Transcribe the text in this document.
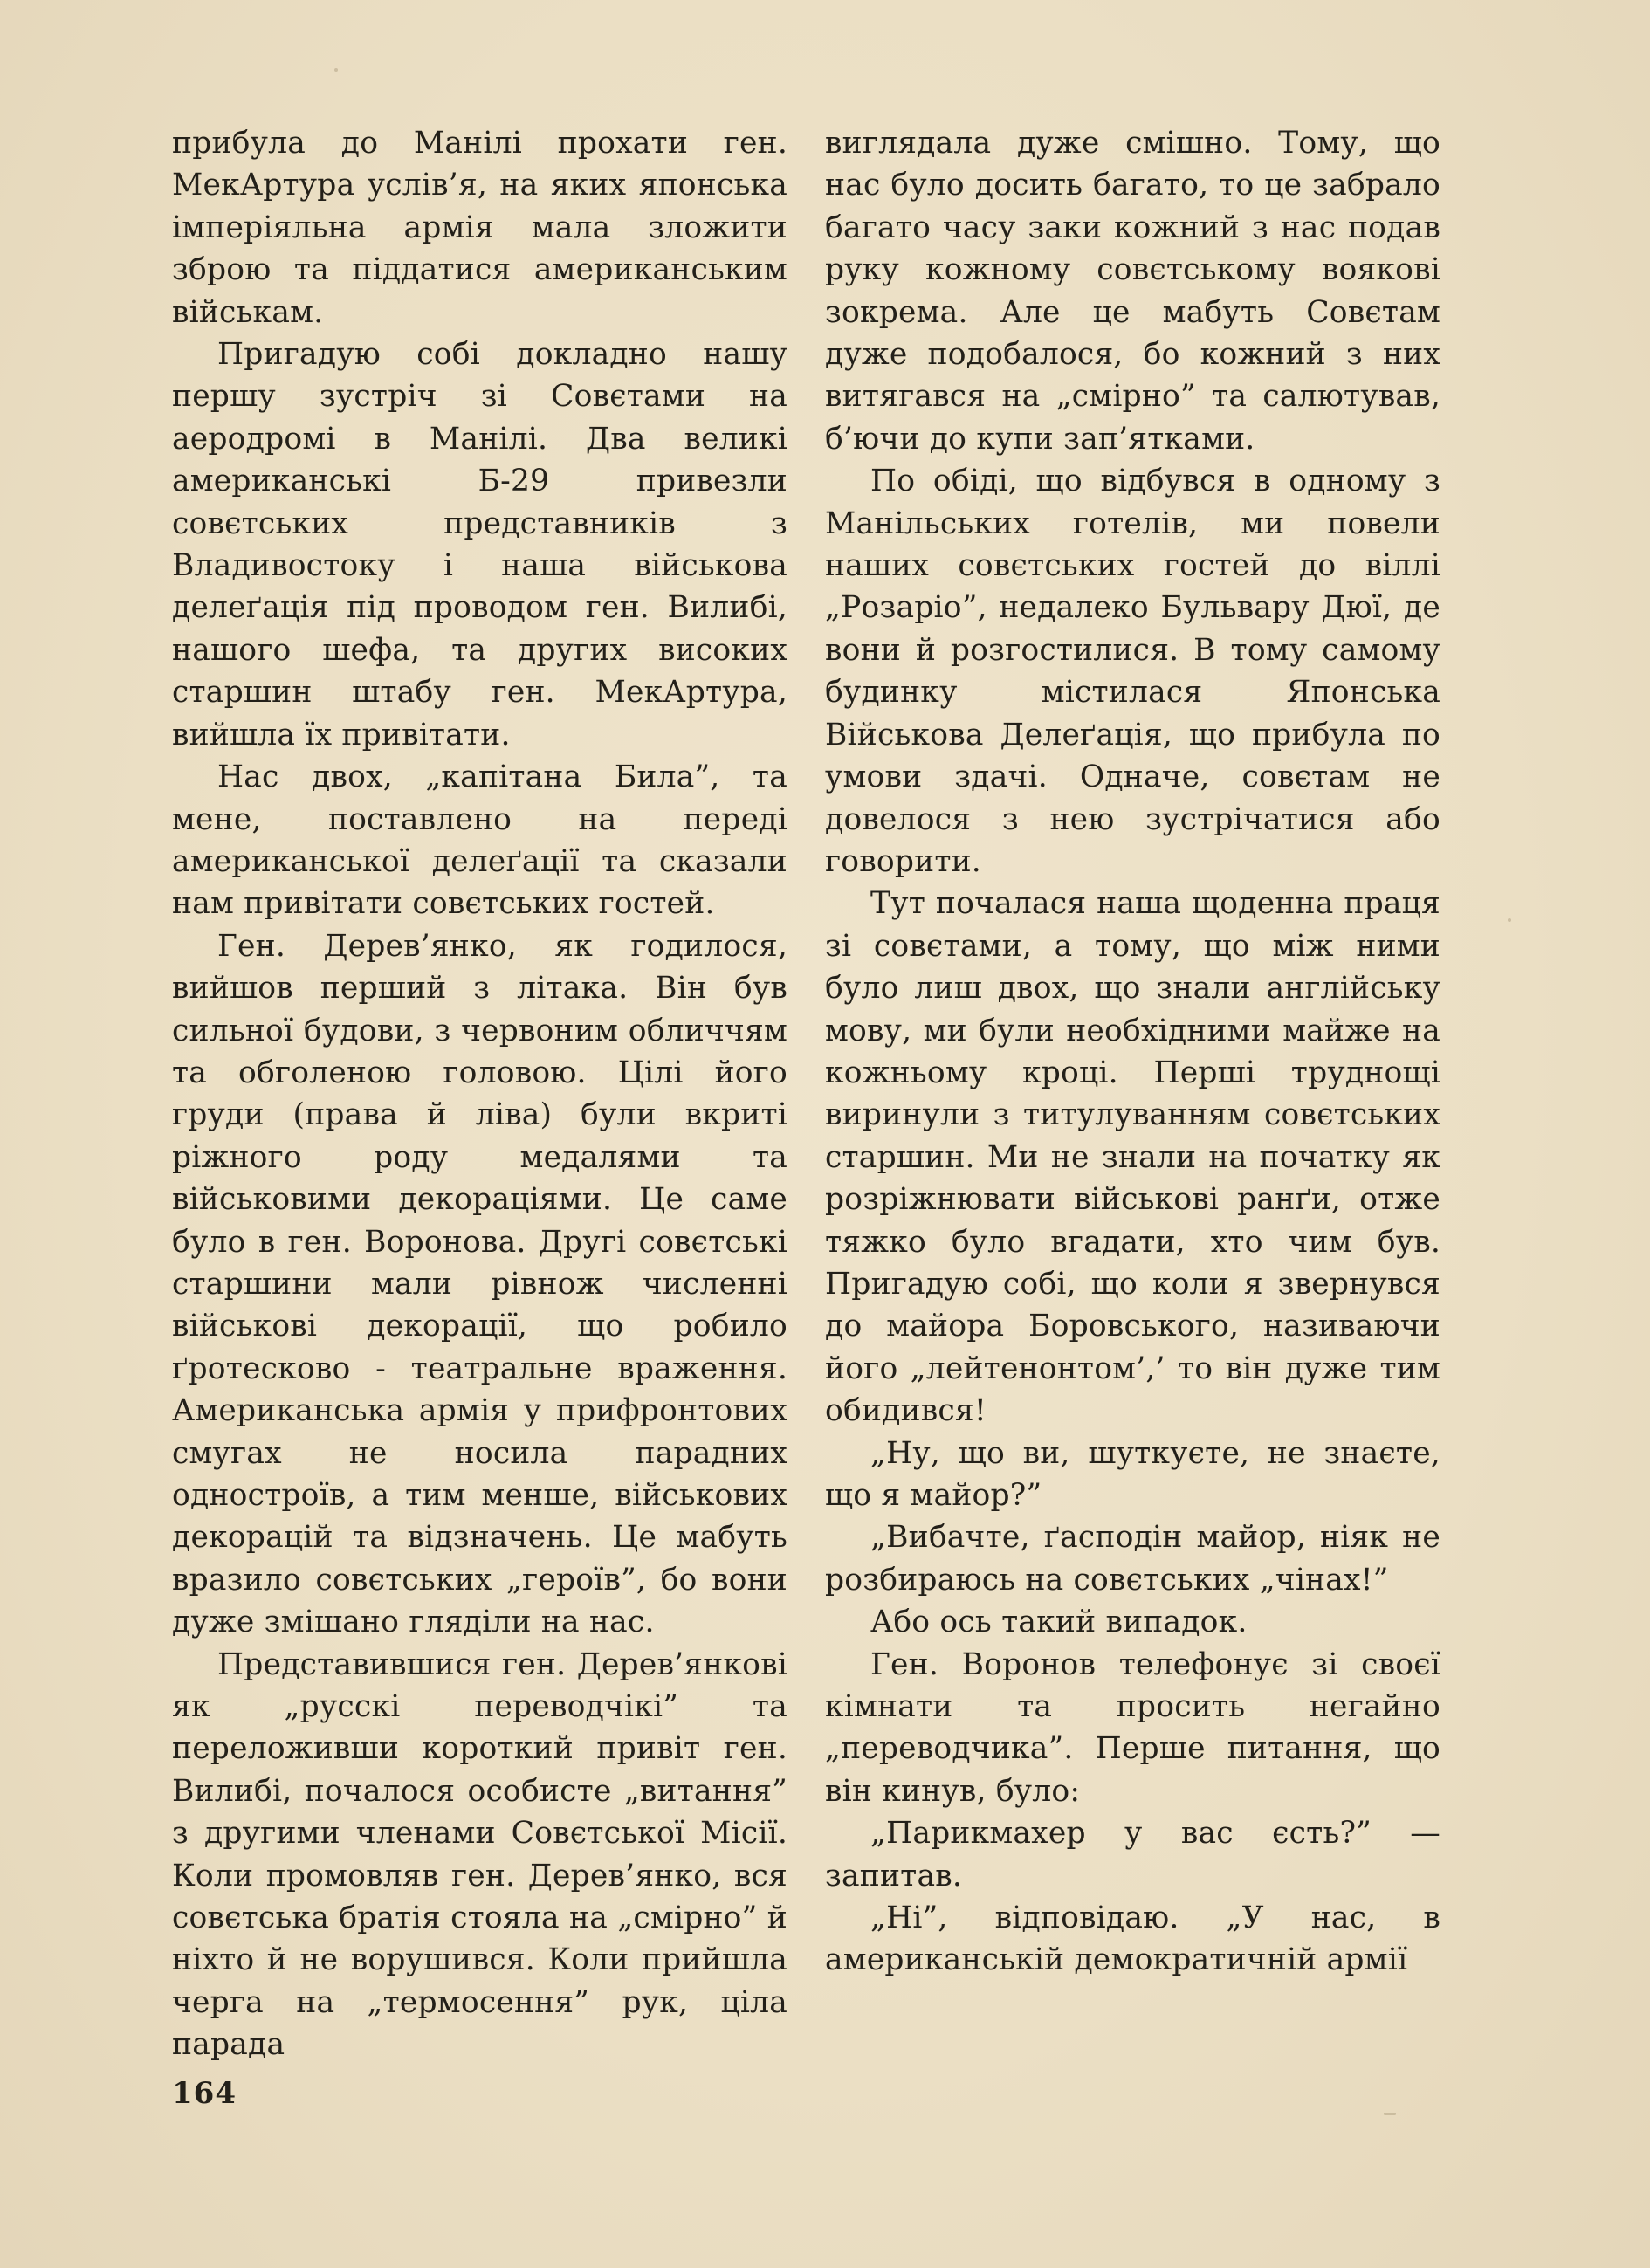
прибула до Манілі прохати ген. МекАртура услів’я, на яких японська імперіяльна армія мала зложити зброю та піддатися американським військам.

Пригадую собі докладно нашу першу зустріч зі Совєтами на аеродромі в Манілі. Два великі американські Б-29 привезли совєтських представників з Владивостоку і наша військова делеґація під проводом ген. Вилибі, нашого шефа, та других високих старшин штабу ген. МекАртура, вийшла їх привітати.

Нас двох, „капітана Била”, та мене, поставлено на переді американської делеґації та сказали нам привітати совєтських гостей.

Ген. Дерев’янко, як годилося, вийшов перший з літака. Він був сильної будови, з червоним обличчям та обголеною головою. Цілі його груди (права й ліва) були вкриті ріжного роду медалями та військовими декораціями. Це саме було в ген. Воронова. Другі совєтські старшини мали рівнож численні військові декорації, що робило ґротесково - театральне враження. Американська армія у прифронтових смугах не носила парадних одностроїв, а тим менше, військових декорацій та відзначень. Це мабуть вразило совєтських „героїв”, бо вони дуже змішано гляділи на нас.

Представившися ген. Дерев’янкові як „русскі переводчікі” та переложивши короткий привіт ген. Вилибі, почалося особисте „витання” з другими членами Совєтської Місії. Коли промовляв ген. Дерев’янко, вся совєтська братія стояла на „смірно” й ніхто й не ворушився. Коли прийшла черга на „термосення” рук, ціла парада

виглядала дуже смішно. Тому, що нас було досить багато, то це забрало багато часу заки кожний з нас подав руку кожному совєтському воякові зокрема. Але це мабуть Совєтам дуже подобалося, бо кожний з них витягався на „смірно” та салютував, б’ючи до купи зап’ятками.

По обіді, що відбувся в одному з Манільських готелів, ми повели наших совєтських гостей до віллі „Розаріо”, недалеко Бульвару Дюї, де вони й розгостилися. В тому самому будинку містилася Японська Військова Делеґація, що прибула по умови здачі. Одначе, совєтам не довелося з нею зустрічатися або говорити.

Тут почалася наша щоденна праця зі совєтами, а тому, що між ними було лиш двох, що знали англійську мову, ми були необхідними майже на кожньому кроці. Перші труднощі виринули з титулуванням совєтських старшин. Ми не знали на початку як розріжнювати військові ранґи, отже тяжко було вгадати, хто чим був. Пригадую собі, що коли я звернувся до майора Боровського, називаючи його „лейтенонтом’,’ то він дуже тим обидився!

„Ну, що ви, шуткуєте, не знаєте, що я майор?”

„Вибачте, ґасподін майор, ніяк не розбираюсь на совєтських „чінах!”

Або ось такий випадок.

Ген. Воронов телефонує зі своєї кімнати та просить негайно „переводчика”. Перше питання, що він кинув, було:

„Парикмахер у вас єсть?” — запитав.

„Ні”, відповідаю. „У нас, в американській демократичній армії

164
